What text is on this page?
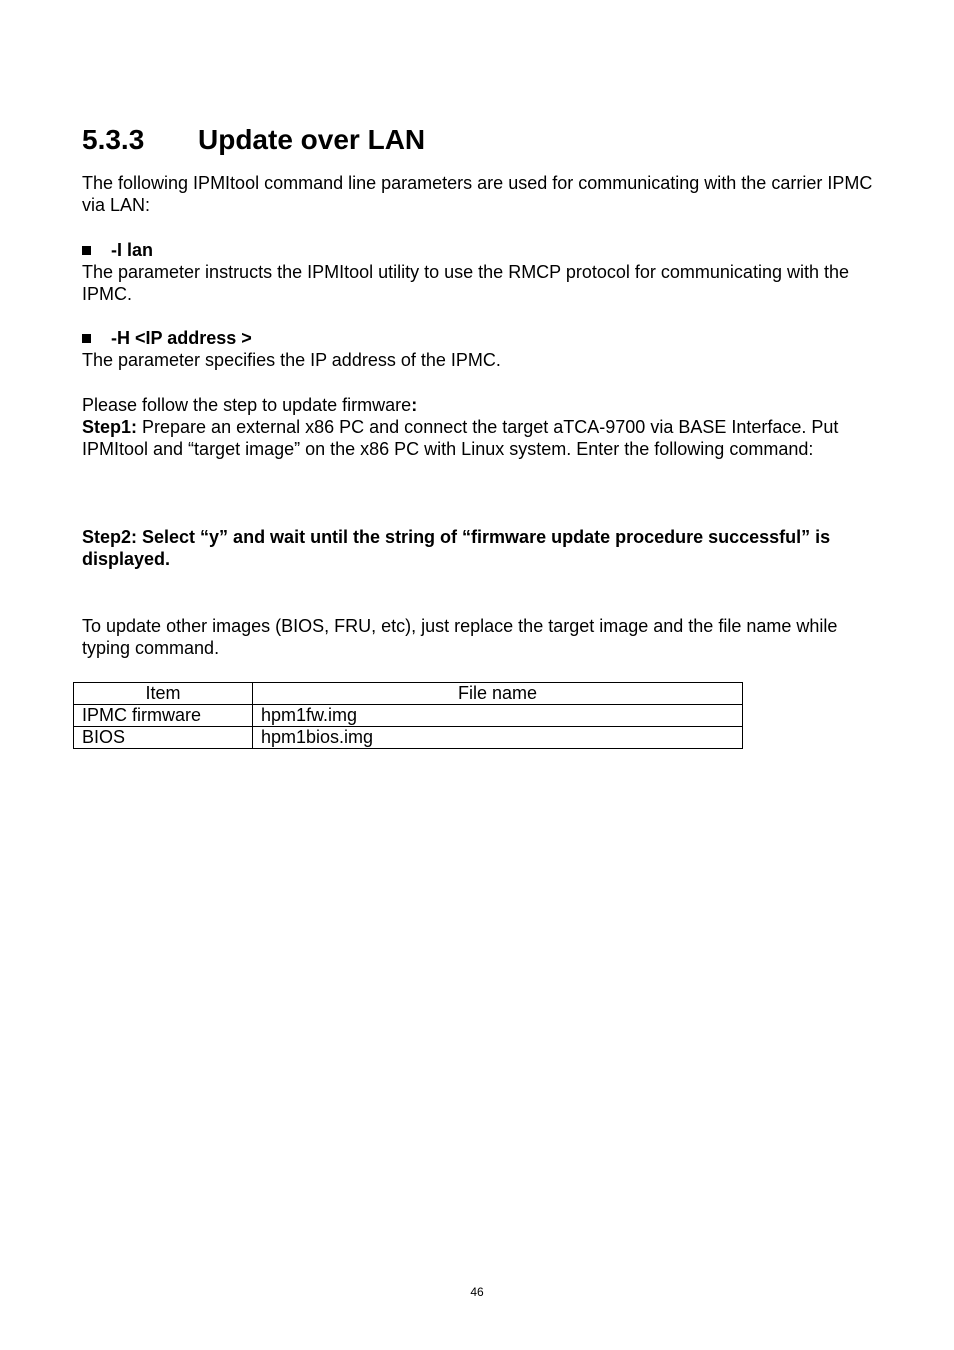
5.3.3 Update over LAN

The following IPMItool command line parameters are used for communicating with the carrier IPMC via LAN:

-I lan

The parameter instructs the IPMItool utility to use the RMCP protocol for communicating with the IPMC.

-H <IP address >

The parameter specifies the IP address of the IPMC.

Please follow the step to update firmware:

Step1: Prepare an external x86 PC and connect the target aTCA-9700 via BASE Interface. Put IPMItool and “target image” on the x86 PC with Linux system. Enter the following command:

Step2: Select “y” and wait until the string of “firmware update procedure successful” is displayed.

To update other images (BIOS, FRU, etc), just replace the target image and the file name while typing command.

Item	File name
IPMC firmware	hpm1fw.img
BIOS	hpm1bios.img
46
